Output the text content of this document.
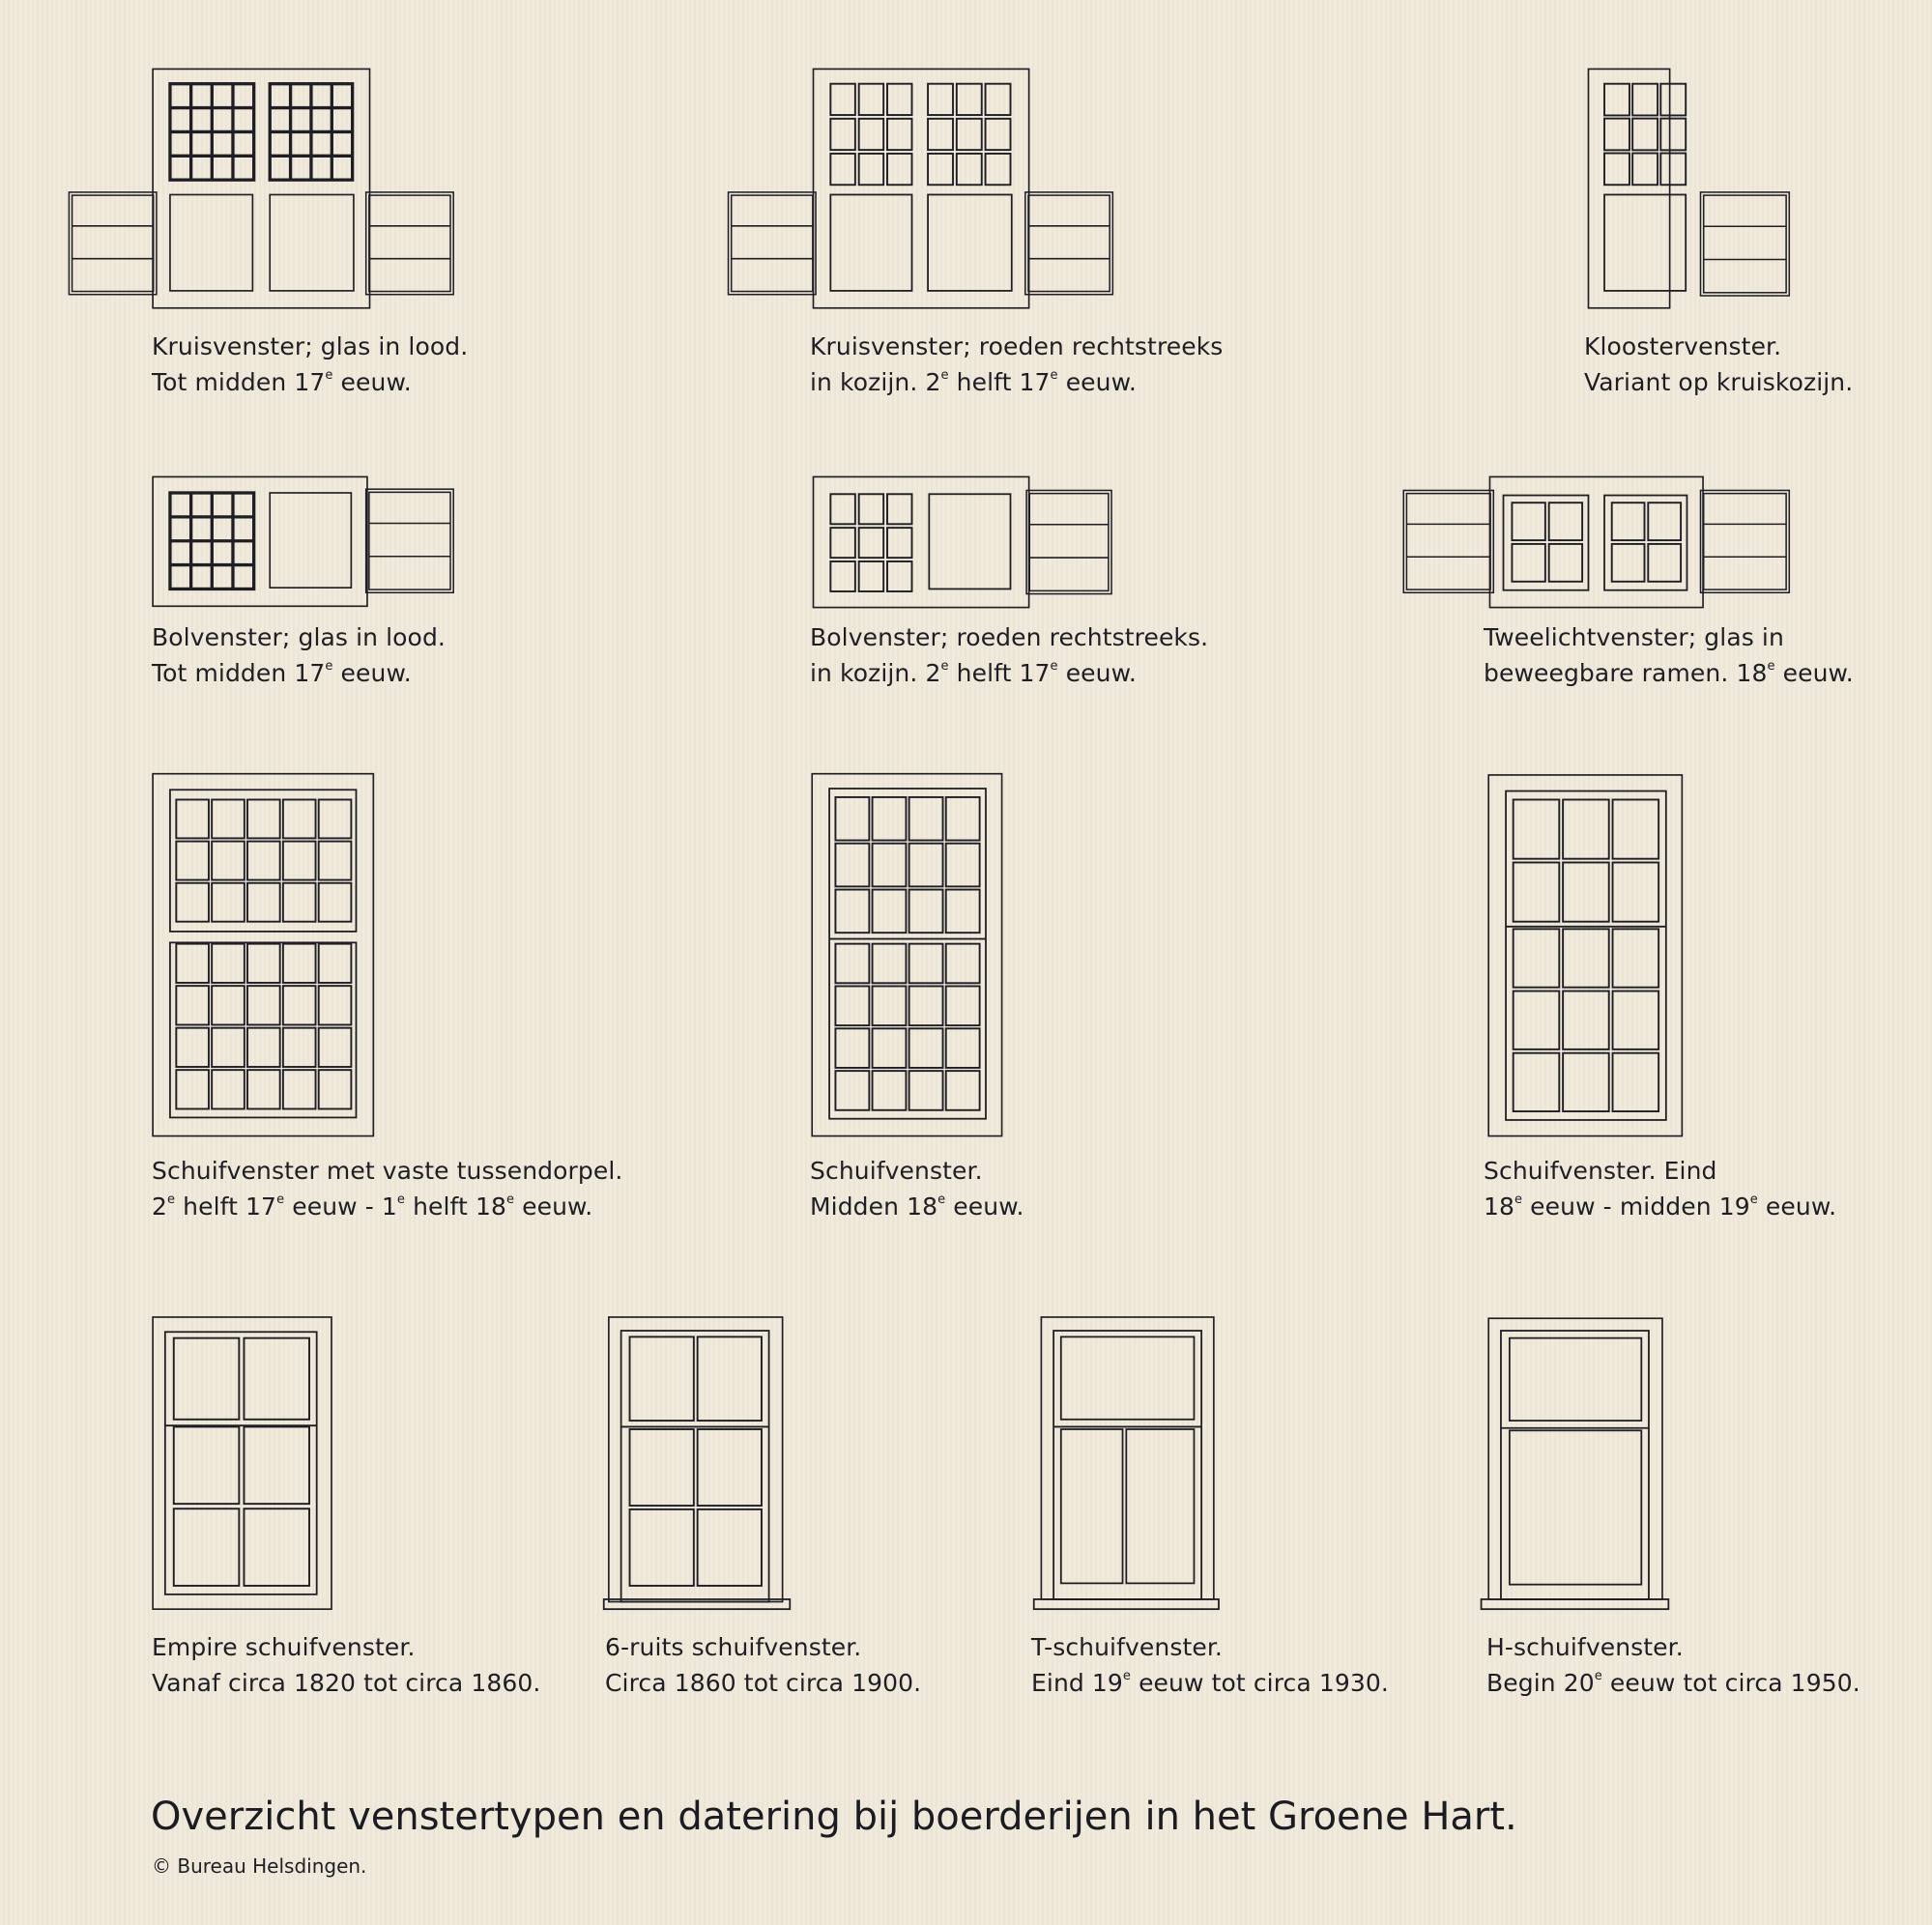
Kruisvenster; glas in lood.
Tot midden 17e eeuw.
Kruisvenster; roeden rechtstreeks
in kozijn. 2e helft 17e eeuw.
Kloostervenster.
Variant op kruiskozijn.
Bolvenster; glas in lood.
Tot midden 17e eeuw.
Bolvenster; roeden rechtstreeks.
in kozijn. 2e helft 17e eeuw.
Tweelichtvenster; glas in
beweegbare ramen. 18e eeuw.
Schuifvenster met vaste tussendorpel.
2e helft 17e eeuw - 1e helft 18e eeuw.
Schuifvenster.
Midden 18e eeuw.
Schuifvenster. Eind
18e eeuw - midden 19e eeuw.
Empire schuifvenster.
Vanaf circa 1820 tot circa 1860.
6-ruits schuifvenster.
Circa 1860 tot circa 1900.
T-schuifvenster.
Eind 19e eeuw tot circa 1930.
H-schuifvenster.
Begin 20e eeuw tot circa 1950.
Overzicht venstertypen en datering bij boerderijen in het Groene Hart.
© Bureau Helsdingen.
